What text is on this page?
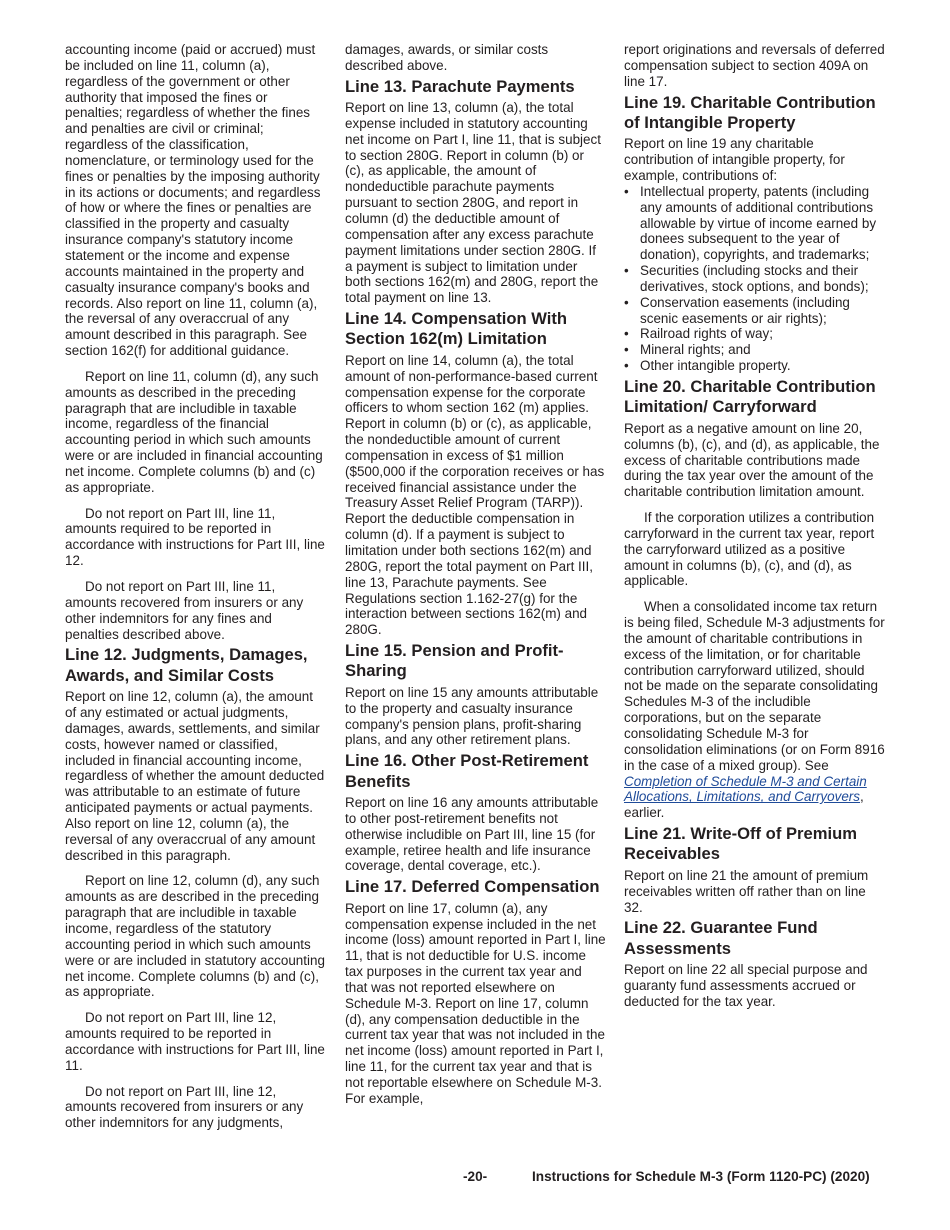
accounting income (paid or accrued) must be included on line 11, column (a), regardless of the government or other authority that imposed the fines or penalties; regardless of whether the fines and penalties are civil or criminal; regardless of the classification, nomenclature, or terminology used for the fines or penalties by the imposing authority in its actions or documents; and regardless of how or where the fines or penalties are classified in the property and casualty insurance company's statutory income statement or the income and expense accounts maintained in the property and casualty insurance company's books and records. Also report on line 11, column (a), the reversal of any overaccrual of any amount described in this paragraph. See section 162(f) for additional guidance.

Report on line 11, column (d), any such amounts as described in the preceding paragraph that are includible in taxable income, regardless of the financial accounting period in which such amounts were or are included in financial accounting net income. Complete columns (b) and (c) as appropriate.

Do not report on Part III, line 11, amounts required to be reported in accordance with instructions for Part III, line 12.

Do not report on Part III, line 11, amounts recovered from insurers or any other indemnitors for any fines and penalties described above.

Line 12. Judgments, Damages, Awards, and Similar Costs

Report on line 12, column (a), the amount of any estimated or actual judgments, damages, awards, settlements, and similar costs, however named or classified, included in financial accounting income, regardless of whether the amount deducted was attributable to an estimate of future anticipated payments or actual payments. Also report on line 12, column (a), the reversal of any overaccrual of any amount described in this paragraph.

Report on line 12, column (d), any such amounts as are described in the preceding paragraph that are includible in taxable income, regardless of the statutory accounting period in which such amounts were or are included in statutory accounting net income. Complete columns (b) and (c), as appropriate.

Do not report on Part III, line 12, amounts required to be reported in accordance with instructions for Part III, line 11.

Do not report on Part III, line 12, amounts recovered from insurers or any other indemnitors for any judgments,

damages, awards, or similar costs described above.

Line 13. Parachute Payments

Report on line 13, column (a), the total expense included in statutory accounting net income on Part I, line 11, that is subject to section 280G. Report in column (b) or (c), as applicable, the amount of nondeductible parachute payments pursuant to section 280G, and report in column (d) the deductible amount of compensation after any excess parachute payment limitations under section 280G. If a payment is subject to limitation under both sections 162(m) and 280G, report the total payment on line 13.

Line 14. Compensation With Section 162(m) Limitation

Report on line 14, column (a), the total amount of non-performance-based current compensation expense for the corporate officers to whom section 162 (m) applies. Report in column (b) or (c), as applicable, the nondeductible amount of current compensation in excess of $1 million ($500,000 if the corporation receives or has received financial assistance under the Treasury Asset Relief Program (TARP)). Report the deductible compensation in column (d). If a payment is subject to limitation under both sections 162(m) and 280G, report the total payment on Part III, line 13, Parachute payments. See Regulations section 1.162-27(g) for the interaction between sections 162(m) and 280G.

Line 15. Pension and Profit-Sharing

Report on line 15 any amounts attributable to the property and casualty insurance company's pension plans, profit-sharing plans, and any other retirement plans.

Line 16. Other Post-Retirement Benefits

Report on line 16 any amounts attributable to other post-retirement benefits not otherwise includible on Part III, line 15 (for example, retiree health and life insurance coverage, dental coverage, etc.).

Line 17. Deferred Compensation

Report on line 17, column (a), any compensation expense included in the net income (loss) amount reported in Part I, line 11, that is not deductible for U.S. income tax purposes in the current tax year and that was not reported elsewhere on Schedule M-3. Report on line 17, column (d), any compensation deductible in the current tax year that was not included in the net income (loss) amount reported in Part I, line 11, for the current tax year and that is not reportable elsewhere on Schedule M-3. For example,

report originations and reversals of deferred compensation subject to section 409A on line 17.

Line 19. Charitable Contribution of Intangible Property

Report on line 19 any charitable contribution of intangible property, for example, contributions of:

• Intellectual property, patents (including any amounts of additional contributions allowable by virtue of income earned by donees subsequent to the year of donation), copyrights, and trademarks;
• Securities (including stocks and their derivatives, stock options, and bonds);
• Conservation easements (including scenic easements or air rights);
• Railroad rights of way;
• Mineral rights; and
• Other intangible property.
Line 20. Charitable Contribution Limitation/ Carryforward

Report as a negative amount on line 20, columns (b), (c), and (d), as applicable, the excess of charitable contributions made during the tax year over the amount of the charitable contribution limitation amount.

If the corporation utilizes a contribution carryforward in the current tax year, report the carryforward utilized as a positive amount in columns (b), (c), and (d), as applicable.

When a consolidated income tax return is being filed, Schedule M-3 adjustments for the amount of charitable contributions in excess of the limitation, or for charitable contribution carryforward utilized, should not be made on the separate consolidating Schedules M-3 of the includible corporations, but on the separate consolidating Schedule M-3 for consolidation eliminations (or on Form 8916 in the case of a mixed group). See Completion of Schedule M-3 and Certain Allocations, Limitations, and Carryovers, earlier.

Line 21. Write-Off of Premium Receivables

Report on line 21 the amount of premium receivables written off rather than on line 32.

Line 22. Guarantee Fund Assessments

Report on line 22 all special purpose and guaranty fund assessments accrued or deducted for the tax year.

-20-	Instructions for Schedule M-3 (Form 1120-PC) (2020)
